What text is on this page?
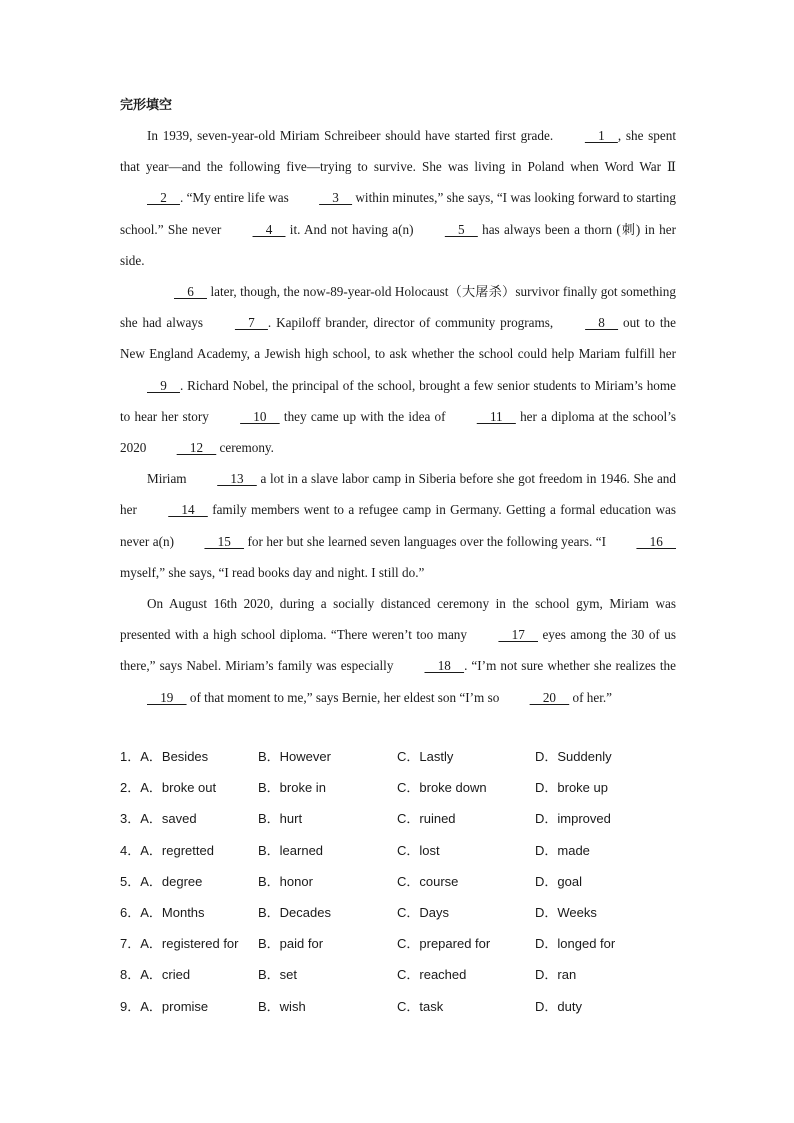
完形填空

In 1939, seven-year-old Miriam Schreibeer should have started first grade.   1  , she spent that year—and the following five—trying to survive. She was living in Poland when Word War Ⅱ   2  . “My entire life was   3   within minutes,” she says, “I was looking forward to starting school.” She never   4   it. And not having a(n)   5   has always been a thorn (刺) in her side.

  6   later, though, the now-89-year-old Holocaust（大屠杀）survivor finally got something she had always   7  . Kapiloff brander, director of community programs,   8   out to the New England Academy, a Jewish high school, to ask whether the school could help Mariam fulfill her   9  . Richard Nobel, the principal of the school, brought a few senior students to Miriam’s home to hear her story   10   they came up with the idea of   11   her a diploma at the school’s 2020   12   ceremony.

Miriam   13   a lot in a slave labor camp in Siberia before she got freedom in 1946. She and her   14   family members went to a refugee camp in Germany. Getting a formal education was never a(n)   15   for her but she learned seven languages over the following years. “I   16   myself,” she says, “I read books day and night. I still do.”

On August 16th 2020, during a socially distanced ceremony in the school gym, Miriam was presented with a high school diploma. “There weren’t too many   17   eyes among the 30 of us there,” says Nabel. Miriam’s family was especially   18  . “I’m not sure whether she realizes the   19   of that moment to me,” says Bernie, her eldest son “I’m so   20   of her.”

1．A．Besides	B．However	C．Lastly	D．Suddenly
2．A．broke out	B．broke in	C．broke down	D．broke up
3．A．saved	B．hurt	C．ruined	D．improved
4．A．regretted	B．learned	C．lost	D．made
5．A．degree	B．honor	C．course	D．goal
6．A．Months	B．Decades	C．Days	D．Weeks
7．A．registered for B．paid for	C．prepared for	D．longed for
8．A．cried	B．set	C．reached	D．ran
9．A．promise	B．wish	C．task	D．duty
